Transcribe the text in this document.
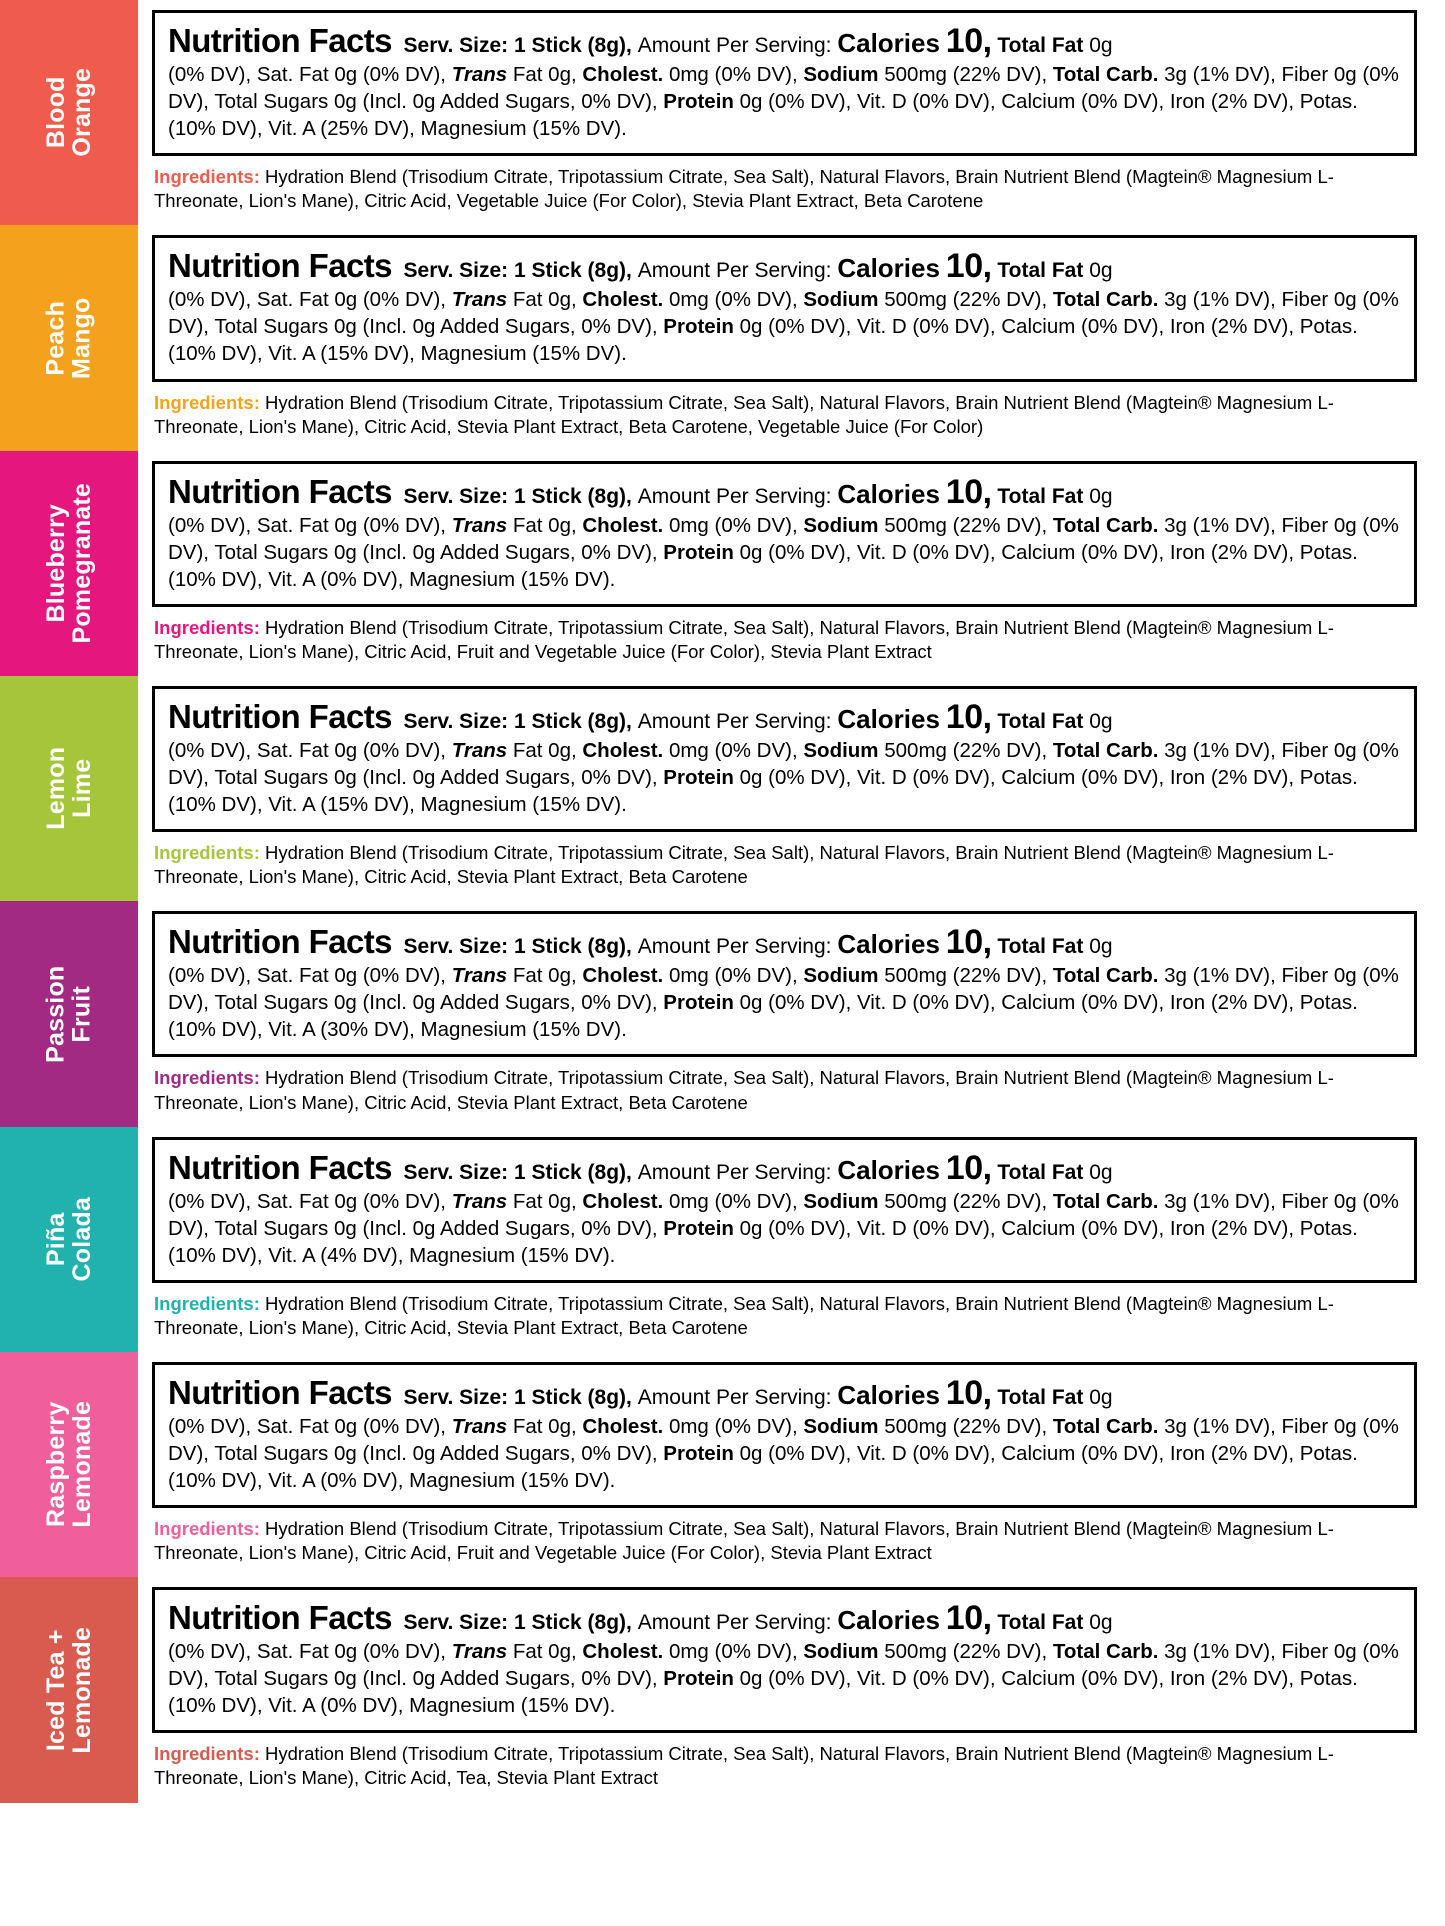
Blood
Orange
Nutrition Facts Serv. Size: 1 Stick (8g), Amount Per Serving: Calories 10, Total Fat 0g
(0% DV), Sat. Fat 0g (0% DV), Trans Fat 0g, Cholest. 0mg (0% DV), Sodium 500mg (22% DV), Total Carb. 3g (1% DV), Fiber 0g (0% DV), Total Sugars 0g (Incl. 0g Added Sugars, 0% DV), Protein 0g (0% DV), Vit. D (0% DV), Calcium (0% DV), Iron (2% DV), Potas. (10% DV), Vit. A (25% DV), Magnesium (15% DV).
Ingredients: Hydration Blend (Trisodium Citrate, Tripotassium Citrate, Sea Salt), Natural Flavors, Brain Nutrient Blend (Magtein® Magnesium L-Threonate, Lion's Mane), Citric Acid, Vegetable Juice (For Color), Stevia Plant Extract, Beta Carotene
Peach
Mango
Nutrition Facts Serv. Size: 1 Stick (8g), Amount Per Serving: Calories 10, Total Fat 0g
(0% DV), Sat. Fat 0g (0% DV), Trans Fat 0g, Cholest. 0mg (0% DV), Sodium 500mg (22% DV), Total Carb. 3g (1% DV), Fiber 0g (0% DV), Total Sugars 0g (Incl. 0g Added Sugars, 0% DV), Protein 0g (0% DV), Vit. D (0% DV), Calcium (0% DV), Iron (2% DV), Potas. (10% DV), Vit. A (15% DV), Magnesium (15% DV).
Ingredients: Hydration Blend (Trisodium Citrate, Tripotassium Citrate, Sea Salt), Natural Flavors, Brain Nutrient Blend (Magtein® Magnesium L-Threonate, Lion's Mane), Citric Acid, Stevia Plant Extract, Beta Carotene, Vegetable Juice (For Color)
Blueberry
Pomegranate Nutrition Facts Serv. Size: 1 Stick (8g), Amount Per Serving: Calories 10, Total Fat 0g
(0% DV), Sat. Fat 0g (0% DV), Trans Fat 0g, Cholest. 0mg (0% DV), Sodium 500mg (22% DV), Total Carb. 3g (1% DV), Fiber 0g (0% DV), Total Sugars 0g (Incl. 0g Added Sugars, 0% DV), Protein 0g (0% DV), Vit. D (0% DV), Calcium (0% DV), Iron (2% DV), Potas. (10% DV), Vit. A (0% DV), Magnesium (15% DV).
Ingredients: Hydration Blend (Trisodium Citrate, Tripotassium Citrate, Sea Salt), Natural Flavors, Brain Nutrient Blend (Magtein® Magnesium L-Threonate, Lion's Mane), Citric Acid, Fruit and Vegetable Juice (For Color), Stevia Plant Extract
Lemon
Lime
Nutrition Facts Serv. Size: 1 Stick (8g), Amount Per Serving: Calories 10, Total Fat 0g
(0% DV), Sat. Fat 0g (0% DV), Trans Fat 0g, Cholest. 0mg (0% DV), Sodium 500mg (22% DV), Total Carb. 3g (1% DV), Fiber 0g (0% DV), Total Sugars 0g (Incl. 0g Added Sugars, 0% DV), Protein 0g (0% DV), Vit. D (0% DV), Calcium (0% DV), Iron (2% DV), Potas. (10% DV), Vit. A (15% DV), Magnesium (15% DV).
Ingredients: Hydration Blend (Trisodium Citrate, Tripotassium Citrate, Sea Salt), Natural Flavors, Brain Nutrient Blend (Magtein® Magnesium L-Threonate, Lion's Mane), Citric Acid, Stevia Plant Extract, Beta Carotene
Passion
Fruit
Nutrition Facts Serv. Size: 1 Stick (8g), Amount Per Serving: Calories 10, Total Fat 0g
(0% DV), Sat. Fat 0g (0% DV), Trans Fat 0g, Cholest. 0mg (0% DV), Sodium 500mg (22% DV), Total Carb. 3g (1% DV), Fiber 0g (0% DV), Total Sugars 0g (Incl. 0g Added Sugars, 0% DV), Protein 0g (0% DV), Vit. D (0% DV), Calcium (0% DV), Iron (2% DV), Potas. (10% DV), Vit. A (30% DV), Magnesium (15% DV).
Ingredients: Hydration Blend (Trisodium Citrate, Tripotassium Citrate, Sea Salt), Natural Flavors, Brain Nutrient Blend (Magtein® Magnesium L-Threonate, Lion's Mane), Citric Acid, Stevia Plant Extract, Beta Carotene
Piña
Colada
Nutrition Facts Serv. Size: 1 Stick (8g), Amount Per Serving: Calories 10, Total Fat 0g
(0% DV), Sat. Fat 0g (0% DV), Trans Fat 0g, Cholest. 0mg (0% DV), Sodium 500mg (22% DV), Total Carb. 3g (1% DV), Fiber 0g (0% DV), Total Sugars 0g (Incl. 0g Added Sugars, 0% DV), Protein 0g (0% DV), Vit. D (0% DV), Calcium (0% DV), Iron (2% DV), Potas. (10% DV), Vit. A (4% DV), Magnesium (15% DV).
Ingredients: Hydration Blend (Trisodium Citrate, Tripotassium Citrate, Sea Salt), Natural Flavors, Brain Nutrient Blend (Magtein® Magnesium L-Threonate, Lion's Mane), Citric Acid, Stevia Plant Extract, Beta Carotene
Raspberry
Lemonade
Nutrition Facts Serv. Size: 1 Stick (8g), Amount Per Serving: Calories 10, Total Fat 0g
(0% DV), Sat. Fat 0g (0% DV), Trans Fat 0g, Cholest. 0mg (0% DV), Sodium 500mg (22% DV), Total Carb. 3g (1% DV), Fiber 0g (0% DV), Total Sugars 0g (Incl. 0g Added Sugars, 0% DV), Protein 0g (0% DV), Vit. D (0% DV), Calcium (0% DV), Iron (2% DV), Potas. (10% DV), Vit. A (0% DV), Magnesium (15% DV).
Ingredients: Hydration Blend (Trisodium Citrate, Tripotassium Citrate, Sea Salt), Natural Flavors, Brain Nutrient Blend (Magtein® Magnesium L-Threonate, Lion's Mane), Citric Acid, Fruit and Vegetable Juice (For Color), Stevia Plant Extract
Iced Tea +
Lemonade
Nutrition Facts Serv. Size: 1 Stick (8g), Amount Per Serving: Calories 10, Total Fat 0g
(0% DV), Sat. Fat 0g (0% DV), Trans Fat 0g, Cholest. 0mg (0% DV), Sodium 500mg (22% DV), Total Carb. 3g (1% DV), Fiber 0g (0% DV), Total Sugars 0g (Incl. 0g Added Sugars, 0% DV), Protein 0g (0% DV), Vit. D (0% DV), Calcium (0% DV), Iron (2% DV), Potas. (10% DV), Vit. A (0% DV), Magnesium (15% DV).
Ingredients: Hydration Blend (Trisodium Citrate, Tripotassium Citrate, Sea Salt), Natural Flavors, Brain Nutrient Blend (Magtein® Magnesium L-Threonate, Lion's Mane), Citric Acid, Tea, Stevia Plant Extract
